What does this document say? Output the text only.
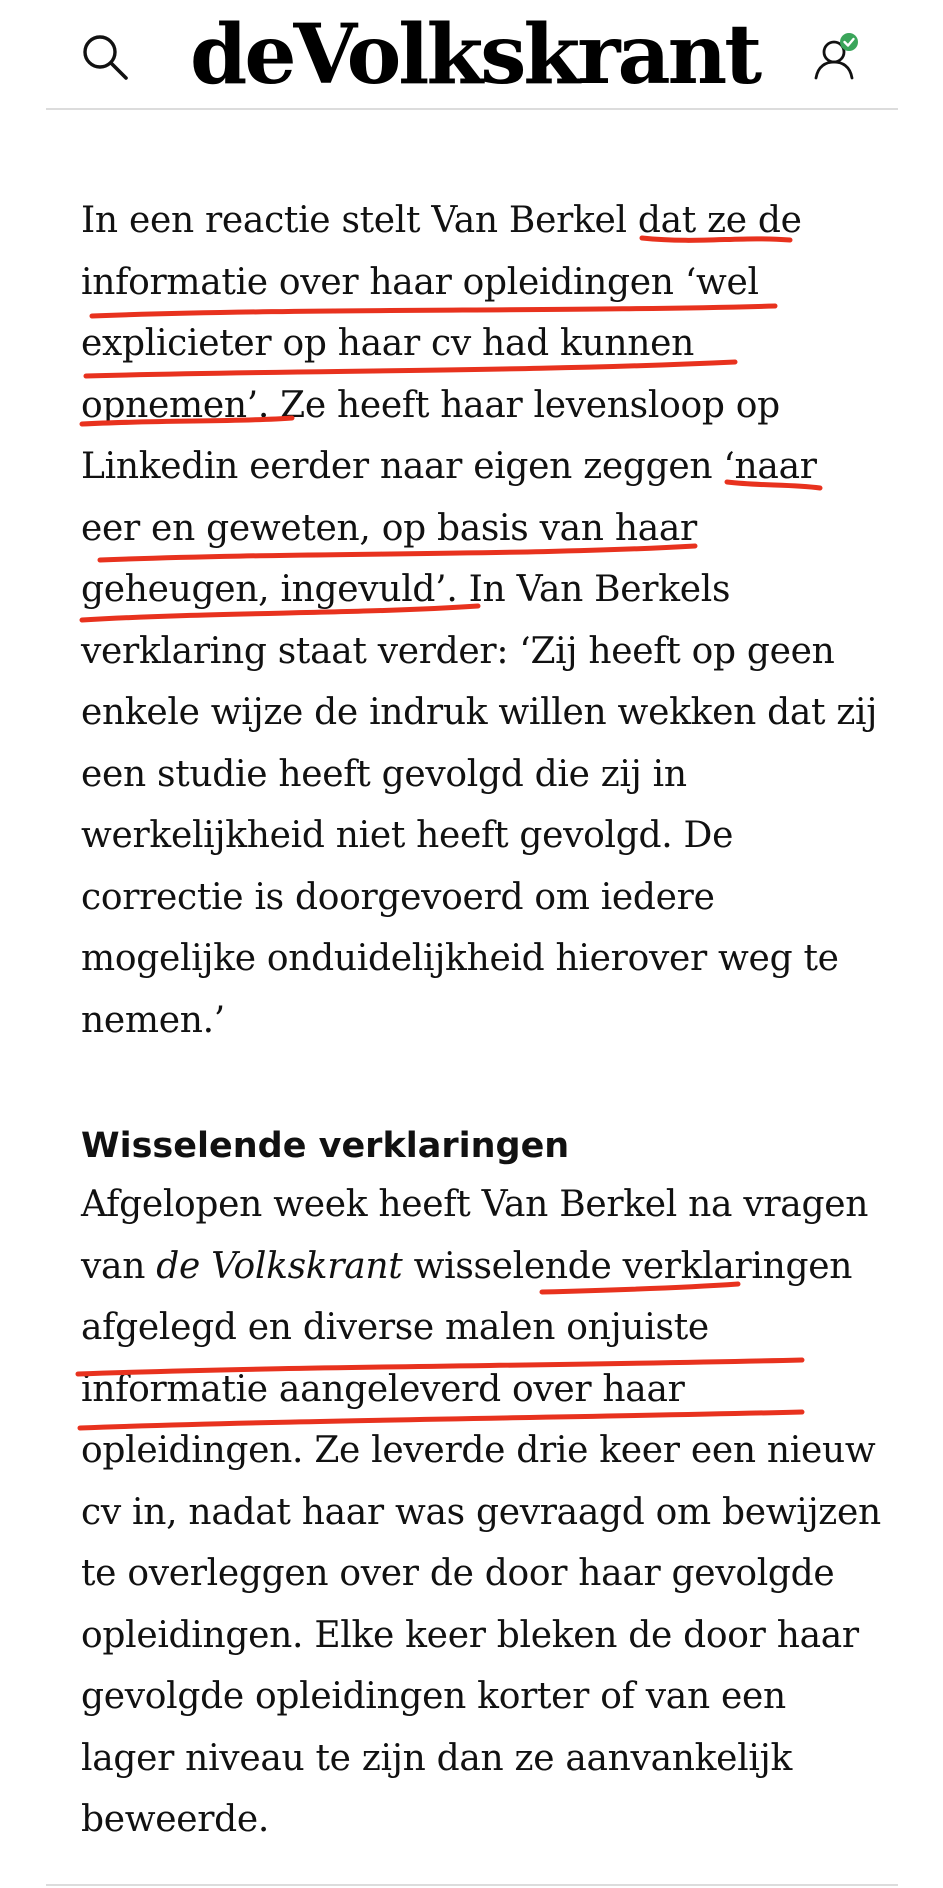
deVolkskrant

In een reactie stelt Van Berkel dat ze de informatie over haar opleidingen ‘wel explicieter op haar cv had kunnen opnemen’. Ze heeft haar levensloop op Linkedin eerder naar eigen zeggen ‘naar eer en geweten, op basis van haar geheugen, ingevuld’. In Van Berkels verklaring staat verder: ‘Zij heeft op geen enkele wijze de indruk willen wekken dat zij een studie heeft gevolgd die zij in werkelijkheid niet heeft gevolgd. De correctie is doorgevoerd om iedere mogelijke onduidelijkheid hierover weg te nemen.’

Wisselende verklaringen

Afgelopen week heeft Van Berkel na vragen van de Volkskrant wisselende verklaringen afgelegd en diverse malen onjuiste informatie aangeleverd over haar opleidingen. Ze leverde drie keer een nieuw cv in, nadat haar was gevraagd om bewijzen te overleggen over de door haar gevolgde opleidingen. Elke keer bleken de door haar gevolgde opleidingen korter of van een lager niveau te zijn dan ze aanvankelijk beweerde.
